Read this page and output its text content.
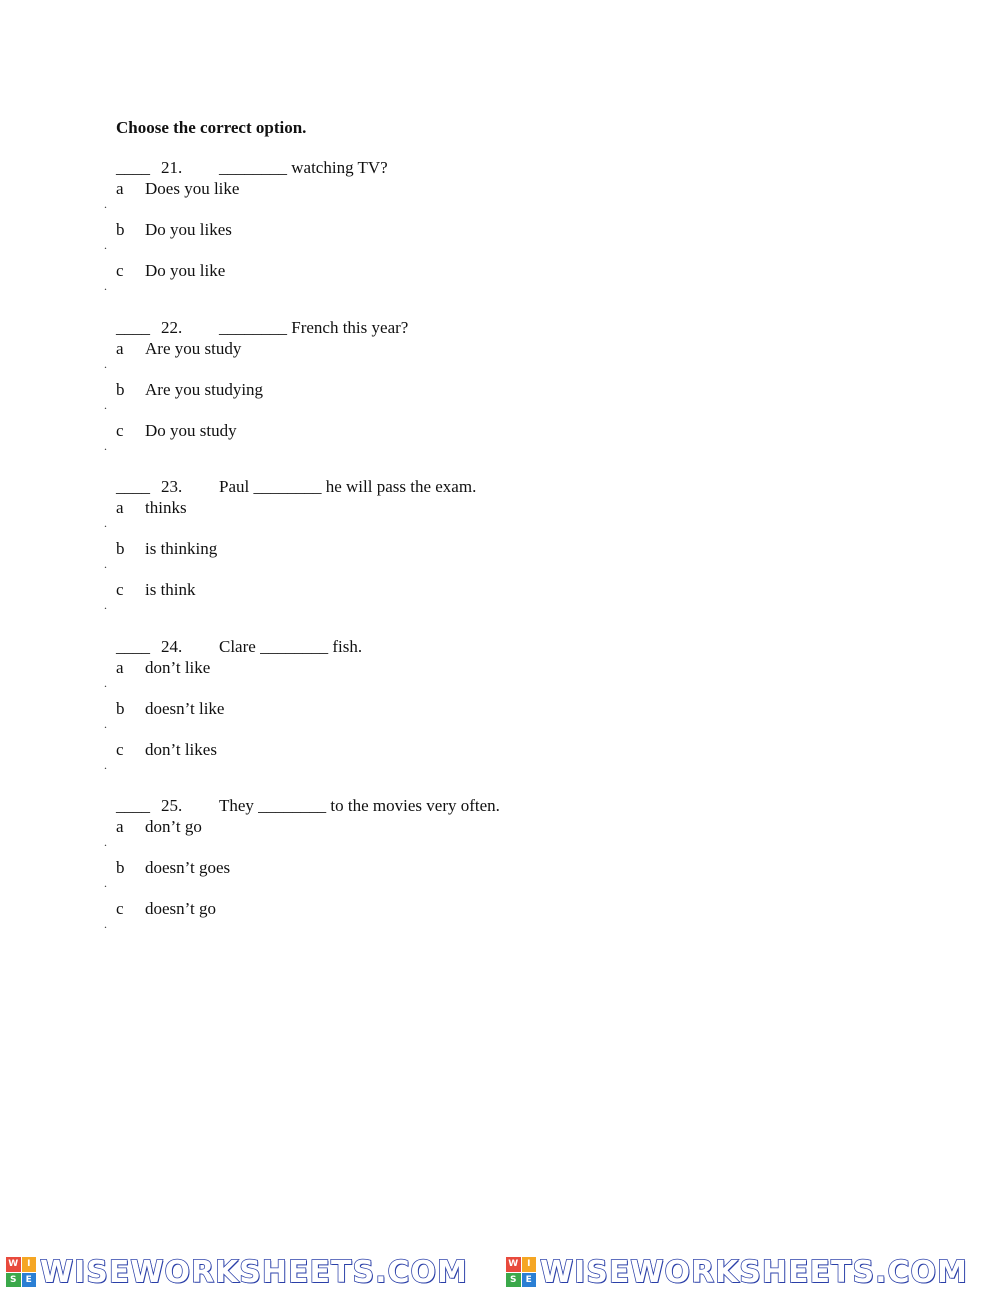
Choose the correct option.
____ 21. ________ watching TV?
a Does you like
.
b Do you likes
.
c Do you like
.
____ 22. ________ French this year?
a Are you study
.
b Are you studying
.
c Do you study
.
____ 23. Paul ________ he will pass the exam.
a thinks
.
b is thinking
.
c is think
.
____ 24. Clare ________ fish.
a don’t like
.
b doesn’t like
.
c don’t likes
.
____ 25. They ________ to the movies very often.
a don’t go
.
b doesn’t goes
.
c doesn’t go
.
W I
S	E WISEWORKSHEETS.COM	W I
S	E WISEWORKSHEETS.COM
